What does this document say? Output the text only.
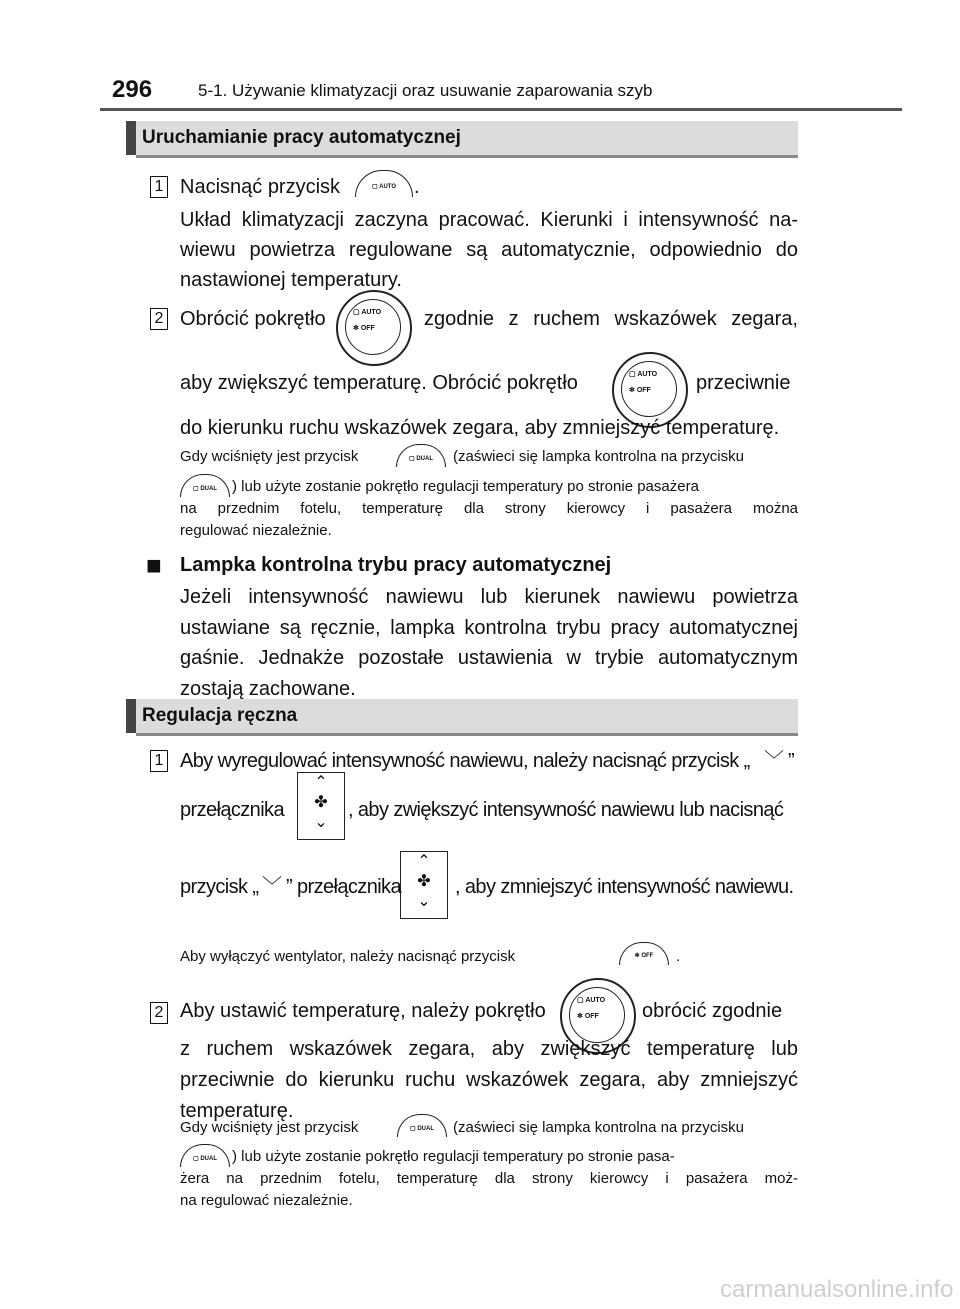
296	5-1. Używanie klimatyzacji oraz usuwanie zaparowania szyb
Uruchamianie pracy automatycznej
1 Nacisnąć przycisk	▢ AUTO .
Układ klimatyzacji zaczyna pracować. Kierunki i intensywność na-wiewu powietrza regulowane są automatycznie, odpowiednio do nastawionej temperatury.
2 Obrócić pokrętło	▢ AUTO
✻ OFF zgodnie z ruchem wskazówek zegara,
aby zwiększyć temperaturę. Obrócić pokrętło	▢ AUTO
✻ OFF przeciwnie
do kierunku ruchu wskazówek zegara, aby zmniejszyć temperaturę.
Gdy wciśnięty jest przycisk	▢ DUAL	(zaświeci się lampka kontrolna na przycisku
▢ DUAL	) lub użyte zostanie pokrętło regulacji temperatury po stronie pasażera
na przednim fotelu, temperaturę dla strony kierowcy i pasażera można
regulować niezależnie.
■ Lampka kontrolna trybu pracy automatycznej
Jeżeli intensywność nawiewu lub kierunek nawiewu powietrza ustawiane są ręcznie, lampka kontrolna trybu pracy automatycznej gaśnie. Jednakże pozostałe ustawienia w trybie automatycznym zostają zachowane.
Regulacja ręczna
1 Aby wyregulować intensywność nawiewu, należy nacisnąć przycisk „ ﹀ ”
przełącznika
⌃
✤
⌄
, aby zwiększyć intensywność nawiewu lub nacisnąć
przycisk „ ﹀ ” przełącznika
⌃
✤
⌄
, aby zmniejszyć intensywność nawiewu.
Aby wyłączyć wentylator, należy nacisnąć przycisk	✻ OFF	.
2 Aby ustawić temperaturę, należy pokrętło	▢ AUTO
✻ OFF obrócić zgodnie
z ruchem wskazówek zegara, aby zwiększyć temperaturę lub
przeciwnie do kierunku ruchu wskazówek zegara, aby zmniejszyć
temperaturę.
Gdy wciśnięty jest przycisk	▢ DUAL	(zaświeci się lampka kontrolna na przycisku
▢ DUAL	) lub użyte zostanie pokrętło regulacji temperatury po stronie pasa-
żera na przednim fotelu, temperaturę dla strony kierowcy i pasażera moż-
na regulować niezależnie.
carmanualsonline.info
